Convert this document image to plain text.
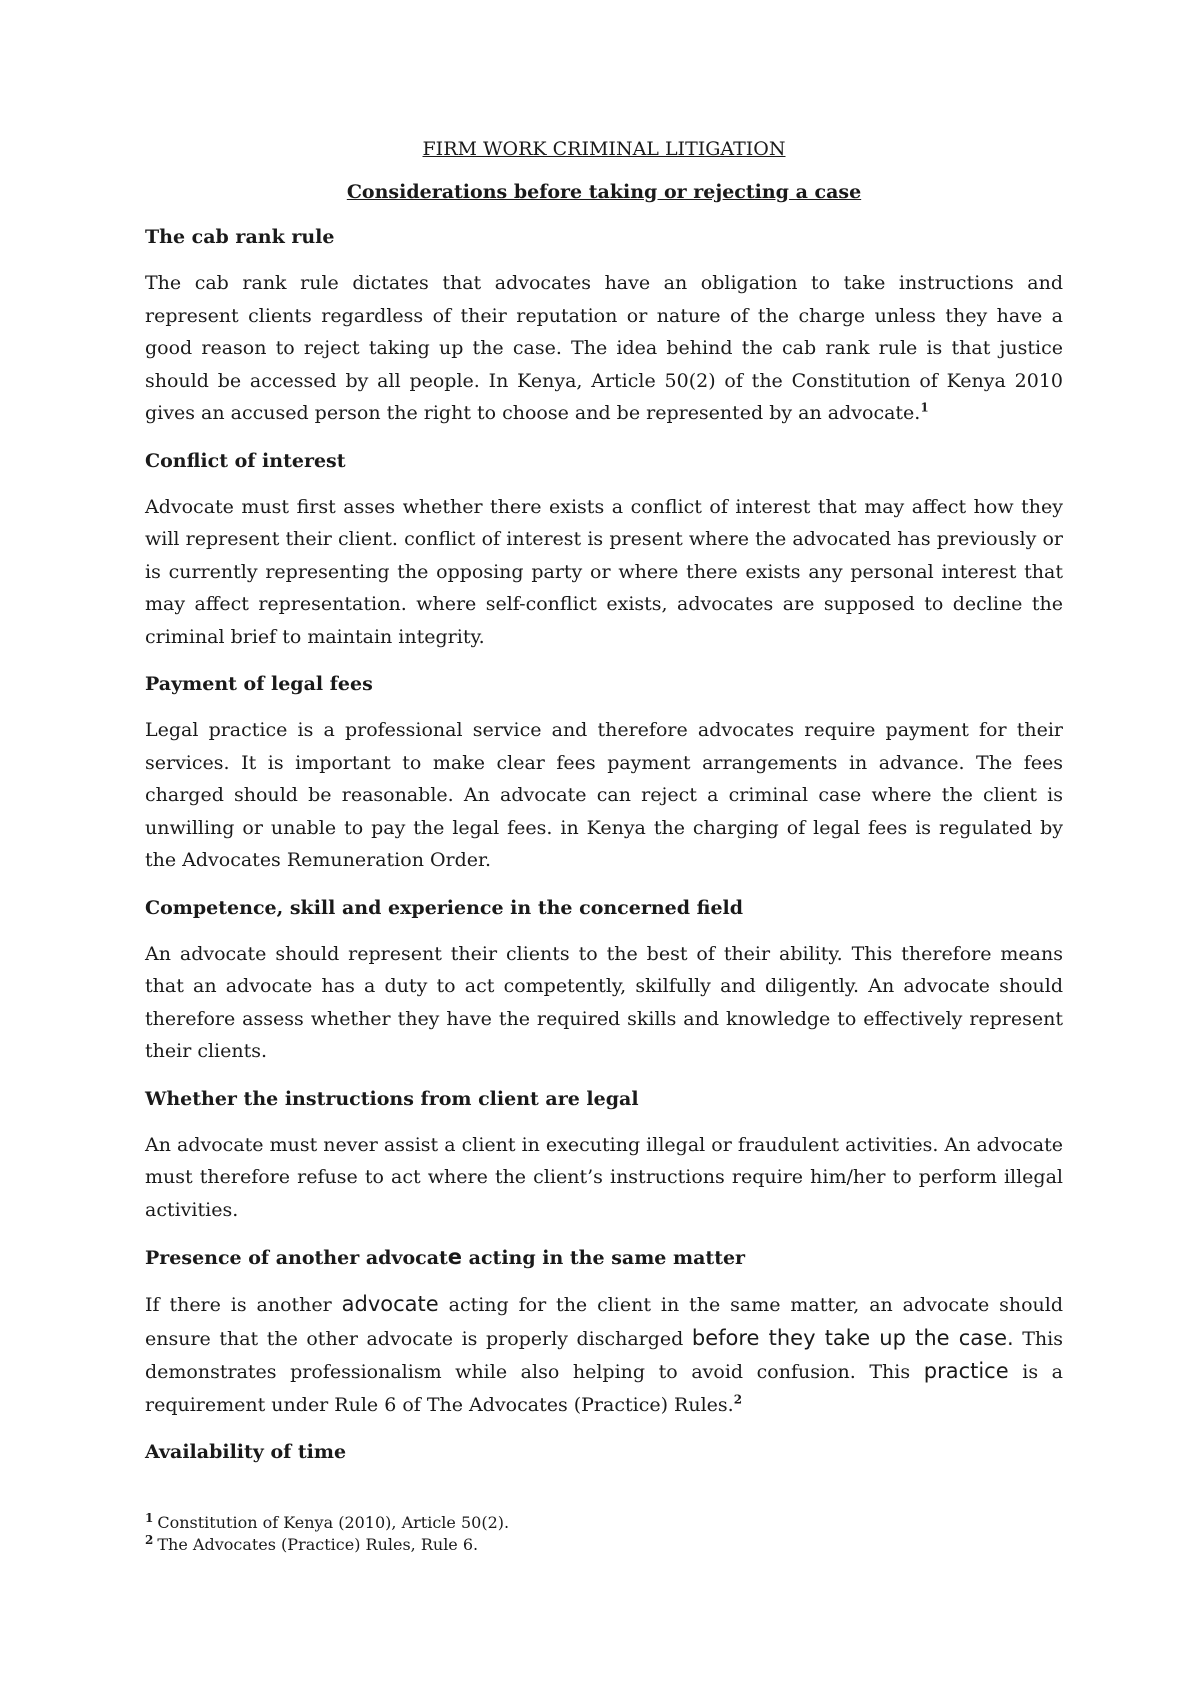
FIRM WORK CRIMINAL LITIGATION
Considerations before taking or rejecting a case
The cab rank rule

The cab rank rule dictates that advocates have an obligation to take instructions and represent clients regardless of their reputation or nature of the charge unless they have a good reason to reject taking up the case. The idea behind the cab rank rule is that justice should be accessed by all people. In Kenya, Article 50(2) of the Constitution of Kenya 2010 gives an accused person the right to choose and be represented by an advocate.$^1$

Conflict of interest

Advocate must first asses whether there exists a conflict of interest that may affect how they will represent their client. conflict of interest is present where the advocated has previously or is currently representing the opposing party or where there exists any personal interest that may affect representation. where self-conflict exists, advocates are supposed to decline the criminal brief to maintain integrity.

Payment of legal fees

Legal practice is a professional service and therefore advocates require payment for their services. It is important to make clear fees payment arrangements in advance. The fees charged should be reasonable. An advocate can reject a criminal case where the client is unwilling or unable to pay the legal fees. in Kenya the charging of legal fees is regulated by the Advocates Remuneration Order.

Competence, skill and experience in the concerned field

An advocate should represent their clients to the best of their ability. This therefore means that an advocate has a duty to act competently, skilfully and diligently. An advocate should therefore assess whether they have the required skills and knowledge to effectively represent their clients.

Whether the instructions from client are legal

An advocate must never assist a client in executing illegal or fraudulent activities. An advocate must therefore refuse to act where the client’s instructions require him/her to perform illegal activities.

Presence of another advocate acting in the same matter

If there is another advocate acting for the client in the same matter, an advocate should ensure that the other advocate is properly discharged before they take up the case. This demonstrates professionalism while also helping to avoid confusion. This practice is a requirement under Rule 6 of The Advocates (Practice) Rules.$^2$

Availability of time

$^1$ Constitution of Kenya (2010), Article 50(2).

$^2$ The Advocates (Practice) Rules, Rule 6.
